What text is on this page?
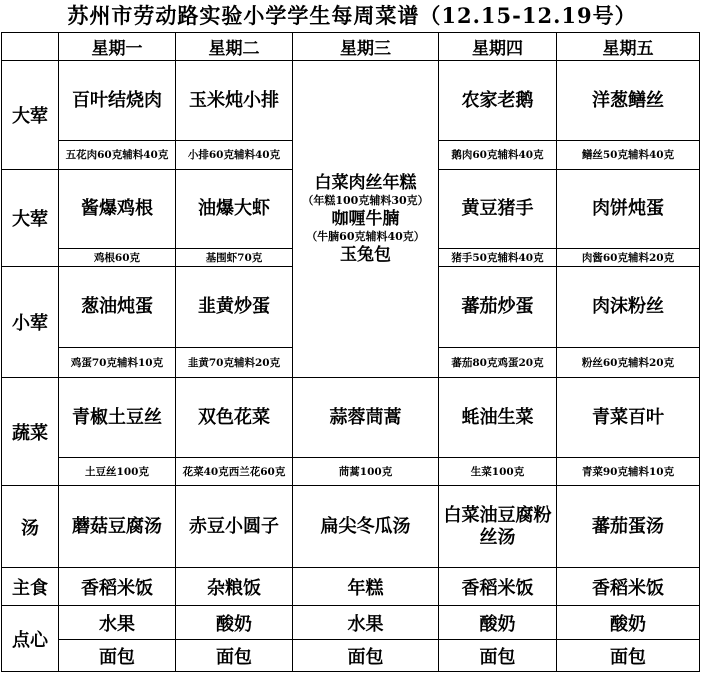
苏州市劳动路实验小学学生每周菜谱（12.15-12.19号）
	星期一	星期二	星期三	星期四	星期五
大荤	百叶结烧肉	玉米炖小排	白菜肉丝年糕
（年糕100克辅料30克）
咖喱牛腩
（牛腩60克辅料40克）
玉兔包	农家老鹅	洋葱鳝丝
	五花肉60克辅料40克	小排60克辅料40克		鹅肉60克辅料40克	鳝丝50克辅料40克
大荤	酱爆鸡根	油爆大虾		黄豆猪手	肉饼炖蛋
	鸡根60克	基围虾70克		猪手50克辅料40克	肉酱60克辅料20克
小荤	葱油炖蛋	韭黄炒蛋		蕃茄炒蛋	肉沫粉丝
	鸡蛋70克辅料10克	韭黄70克辅料20克		蕃茄80克鸡蛋20克	粉丝60克辅料20克
蔬菜	青椒土豆丝	双色花菜	蒜蓉茼蒿	蚝油生菜	青菜百叶
	土豆丝100克	花菜40克西兰花60克	茼蒿100克	生菜100克	青菜90克辅料10克
汤	蘑菇豆腐汤	赤豆小圆子	扁尖冬瓜汤	白菜油豆腐粉丝汤	蕃茄蛋汤
主食	香稻米饭	杂粮饭	年糕	香稻米饭	香稻米饭
点心	水果	酸奶	水果	酸奶	酸奶
	面包	面包	面包	面包	面包
